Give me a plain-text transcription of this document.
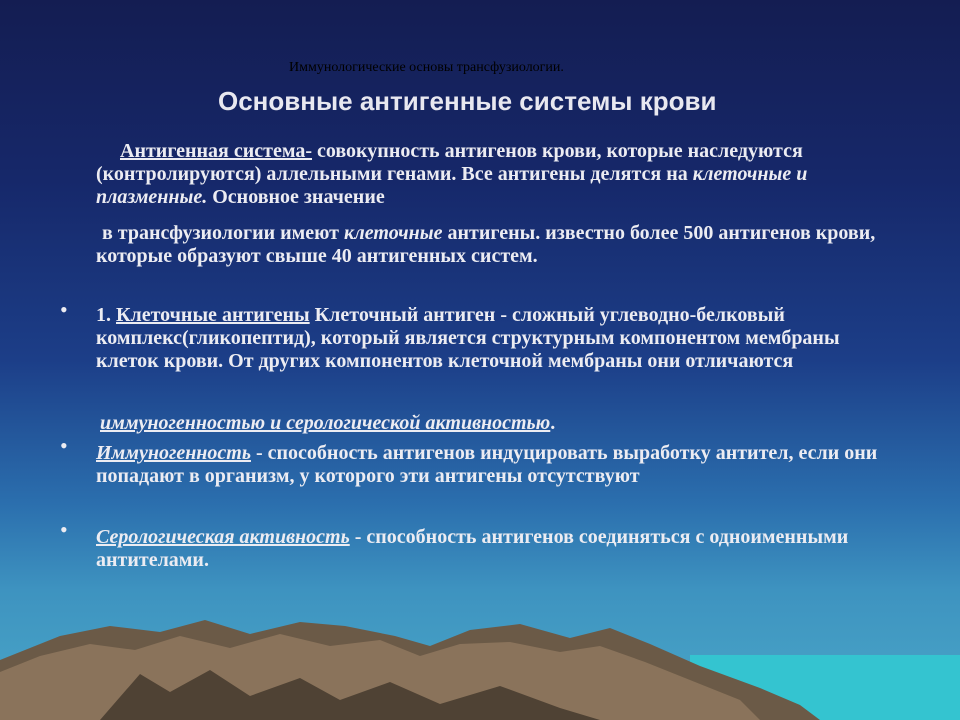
Иммунологические основы трансфузиологии.
Основные антигенные системы крови

Антигенная система- совокупность антигенов крови, которые наследуются (контролируются) аллельными генами. Все антигены делятся на клеточные и плазменные. Основное значение

в трансфузиологии имеют клеточные антигены. известно более 500 антигенов крови, которые образуют свыше 40 антигенных систем.

• 1. Клеточные антигены Клеточный антиген - сложный углеводно-белковый комплекс(гликопептид), который является структурным компонентом мембраны клеток крови. От других компонентов клеточной мембраны они отличаются

иммуногенностью и серологической активностью.

• Иммуногенность - способность антигенов индуцировать выработку антител, если они попадают в организм, у которого эти антигены отсутствуют

• Серологическая активность - способность антигенов соединяться с одноименными антителами.
